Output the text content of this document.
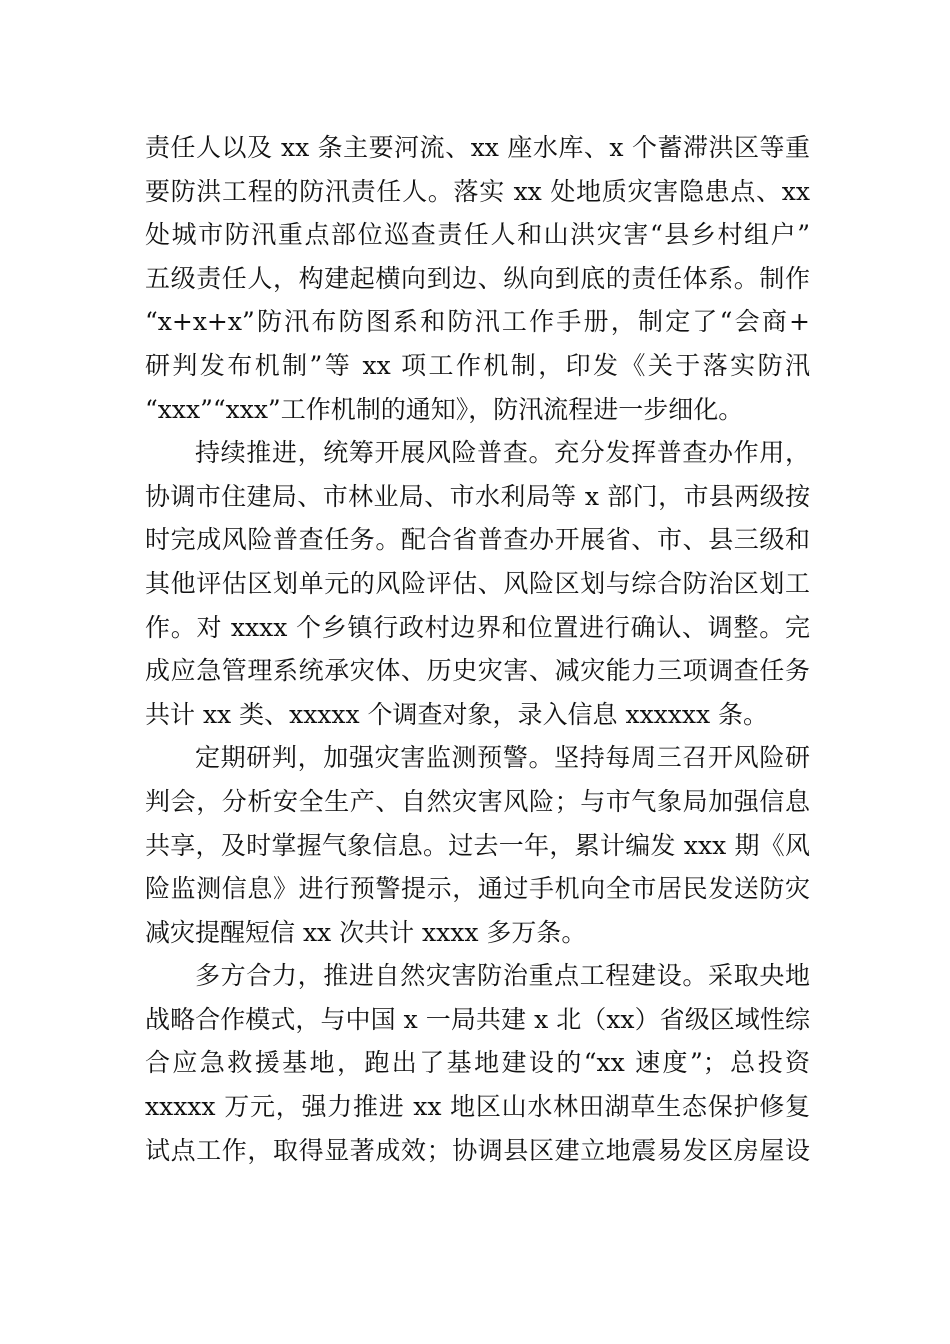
责任人以及 xx 条主要河流、xx 座水库、x 个蓄滞洪区等重
要防洪工程的防汛责任人。落实 xx 处地质灾害隐患点、xx
处城市防汛重点部位巡查责任人和山洪灾害“县乡村组户”
五级责任人，构建起横向到边、纵向到底的责任体系。制作
“x+x+x”防汛布防图系和防汛工作手册，制定了“会商+
研判发布机制”等 xx 项工作机制，印发《关于落实防汛
“xxx”“xxx”工作机制的通知》，防汛流程进一步细化。
持续推进，统筹开展风险普查。充分发挥普查办作用，
协调市住建局、市林业局、市水利局等 x 部门，市县两级按
时完成风险普查任务。配合省普查办开展省、市、县三级和
其他评估区划单元的风险评估、风险区划与综合防治区划工
作。对 xxxx 个乡镇行政村边界和位置进行确认、调整。完
成应急管理系统承灾体、历史灾害、减灾能力三项调查任务
共计 xx 类、xxxxx 个调查对象，录入信息 xxxxxx 条。
定期研判，加强灾害监测预警。坚持每周三召开风险研
判会，分析安全生产、自然灾害风险；与市气象局加强信息
共享，及时掌握气象信息。过去一年，累计编发 xxx 期《风
险监测信息》进行预警提示，通过手机向全市居民发送防灾
减灾提醒短信 xx 次共计 xxxx 多万条。
多方合力，推进自然灾害防治重点工程建设。采取央地
战略合作模式，与中国 x 一局共建 x 北（xx）省级区域性综
合应急救援基地，跑出了基地建设的“xx 速度”；总投资
xxxxx 万元，强力推进 xx 地区山水林田湖草生态保护修复
试点工作，取得显著成效；协调县区建立地震易发区房屋设
